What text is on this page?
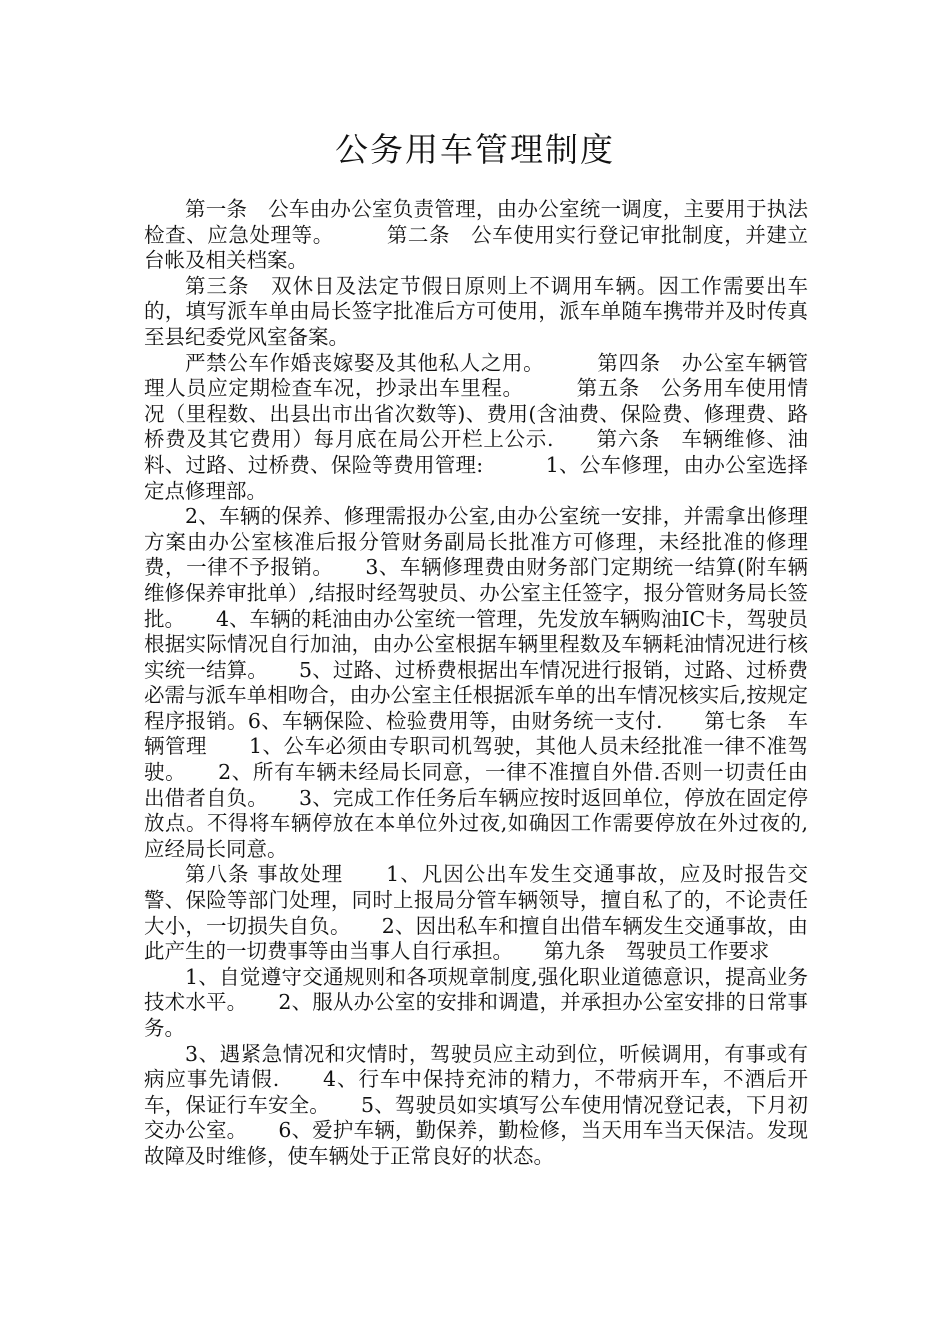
公务用车管理制度

第一条　公车由办公室负责管理，由办公室统一调度，主要用于执法检查、应急处理等。　　　第二条　公车使用实行登记审批制度，并建立台帐及相关档案。

第三条　双休日及法定节假日原则上不调用车辆。因工作需要出车的，填写派车单由局长签字批准后方可使用，派车单随车携带并及时传真至县纪委党风室备案。

严禁公车作婚丧嫁娶及其他私人之用。　　　第四条　办公室车辆管理人员应定期检查车况，抄录出车里程。　　　第五条　公务用车使用情况（里程数、出县出市出省次数等)、费用(含油费、保险费、修理费、路桥费及其它费用）每月底在局公开栏上公示.　　第六条　车辆维修、油料、过路、过桥费、保险等费用管理:　　　1、公车修理，由办公室选择定点修理部。

2、车辆的保养、修理需报办公室,由办公室统一安排，并需拿出修理方案由办公室核准后报分管财务副局长批准方可修理，未经批准的修理费，一律不予报销。　　3、车辆修理费由财务部门定期统一结算(附车辆维修保养审批单）,结报时经驾驶员、办公室主任签字，报分管财务局长签批。　　4、车辆的耗油由办公室统一管理，先发放车辆购油IC卡，驾驶员根据实际情况自行加油，由办公室根据车辆里程数及车辆耗油情况进行核实统一结算。　　5、过路、过桥费根据出车情况进行报销，过路、过桥费必需与派车单相吻合，由办公室主任根据派车单的出车情况核实后,按规定程序报销。6、车辆保险、检验费用等，由财务统一支付.　　第七条　车辆管理　　1、公车必须由专职司机驾驶，其他人员未经批准一律不准驾驶。　　2、所有车辆未经局长同意，一律不准擅自外借.否则一切责任由出借者自负。　　3、完成工作任务后车辆应按时返回单位，停放在固定停放点。不得将车辆停放在本单位外过夜,如确因工作需要停放在外过夜的,应经局长同意。

第八条 事故处理　　1、凡因公出车发生交通事故，应及时报告交警、保险等部门处理，同时上报局分管车辆领导，擅自私了的，不论责任大小，一切损失自负。　　2、因出私车和擅自出借车辆发生交通事故，由此产生的一切费事等由当事人自行承担。　　第九条　驾驶员工作要求

1、自觉遵守交通规则和各项规章制度,强化职业道德意识，提高业务技术水平。　　2、服从办公室的安排和调遣，并承担办公室安排的日常事务。

3、遇紧急情况和灾情时，驾驶员应主动到位，听候调用，有事或有病应事先请假.　　4、行车中保持充沛的精力，不带病开车，不酒后开车，保证行车安全。　　5、驾驶员如实填写公车使用情况登记表，下月初交办公室。　　6、爱护车辆，勤保养，勤检修，当天用车当天保洁。发现故障及时维修，使车辆处于正常良好的状态。
